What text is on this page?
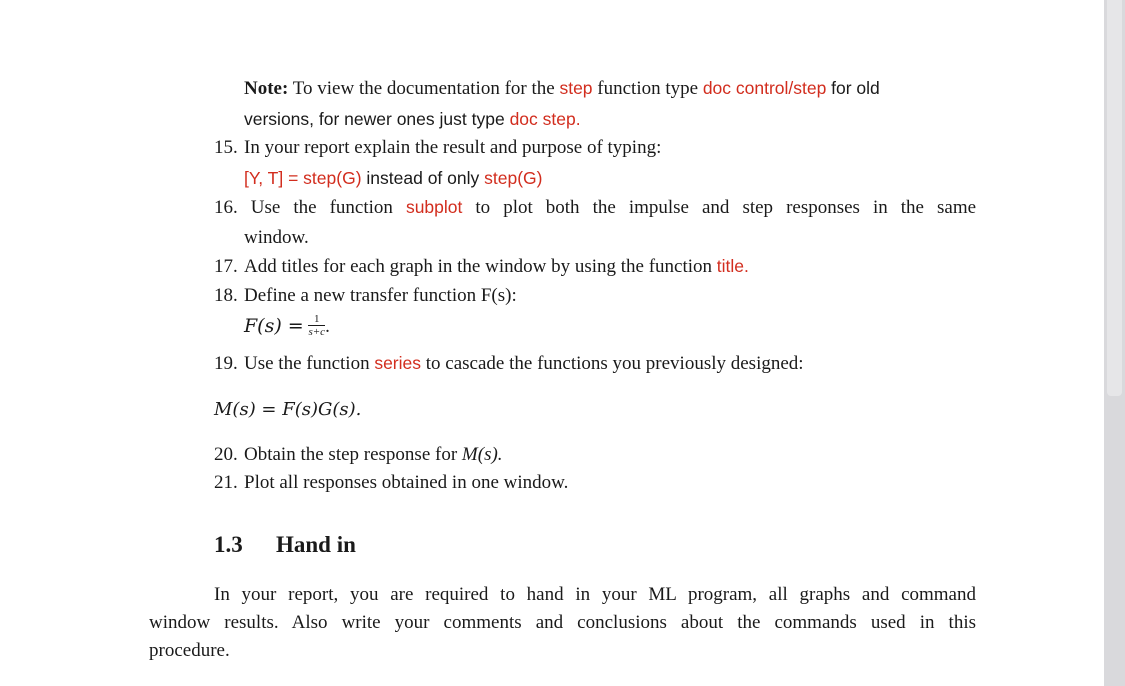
Note: To view the documentation for the step function type doc control/step for old
versions, for newer ones just type doc step.
15. In your report explain the result and purpose of typing:
[Y, T] = step(G) instead of only step(G)
16. Use the function subplot to plot both the impulse and step responses in the same
window.
17. Add titles for each graph in the window by using the function title.
18. Define a new transfer function F(s):
$F(s) = \frac{1}{s+c}$ .
19. Use the function series to cascade the functions you previously designed:
M(s) = F(s)G(s).
20. Obtain the step response for M(s).
21. Plot all responses obtained in one window.
1.3 Hand in
In your report, you are required to hand in your ML program, all graphs and command
window results. Also write your comments and conclusions about the commands used in this
procedure.
